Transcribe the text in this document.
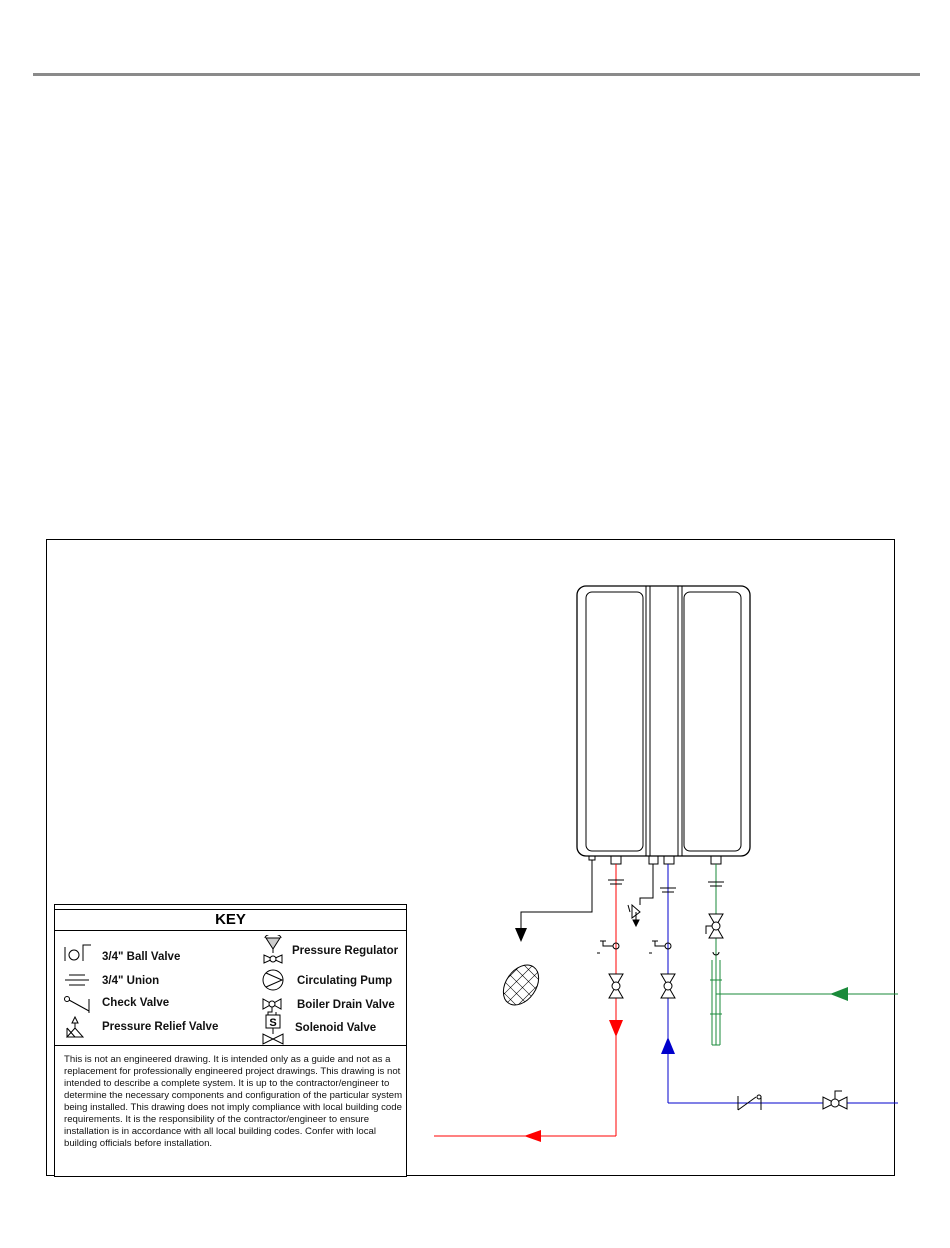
KEY
3/4" Ball Valve
3/4" Union
Check Valve
Pressure Relief Valve
Pressure Regulator
Circulating Pump
Boiler Drain Valve
S Solenoid Valve
This is not an engineered drawing. It is intended only as a guide and not as a replacement for professionally engineered project drawings. This drawing is not intended to describe a complete system. It is up to the contractor/engineer to determine the necessary components and configuration of the particular system being installed. This drawing does not imply compliance with local building code requirements. It is the responsibility of the contractor/engineer to ensure installation is in accordance with all local building codes. Confer with local building officials before installation.
